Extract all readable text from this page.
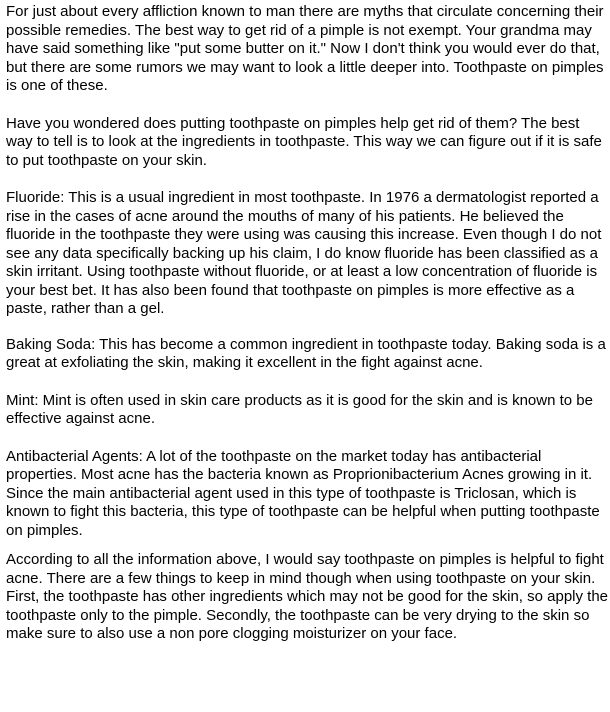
For just about every affliction known to man there are myths that circulate concerning their possible remedies. The best way to get rid of a pimple is not exempt. Your grandma may have said something like "put some butter on it." Now I don't think you would ever do that, but there are some rumors we may want to look a little deeper into. Toothpaste on pimples is one of these.

Have you wondered does putting toothpaste on pimples help get rid of them? The best way to tell is to look at the ingredients in toothpaste. This way we can figure out if it is safe to put toothpaste on your skin.

Fluoride: This is a usual ingredient in most toothpaste. In 1976 a dermatologist reported a rise in the cases of acne around the mouths of many of his patients. He believed the fluoride in the toothpaste they were using was causing this increase. Even though I do not see any data specifically backing up his claim, I do know fluoride has been classified as a skin irritant. Using toothpaste without fluoride, or at least a low concentration of fluoride is your best bet. It has also been found that toothpaste on pimples is more effective as a paste, rather than a gel.

Baking Soda: This has become a common ingredient in toothpaste today. Baking soda is a great at exfoliating the skin, making it excellent in the fight against acne.

Mint: Mint is often used in skin care products as it is good for the skin and is known to be effective against acne.

Antibacterial Agents: A lot of the toothpaste on the market today has antibacterial properties. Most acne has the bacteria known as Proprionibacterium Acnes growing in it. Since the main antibacterial agent used in this type of toothpaste is Triclosan, which is known to fight this bacteria, this type of toothpaste can be helpful when putting toothpaste on pimples.

According to all the information above, I would say toothpaste on pimples is helpful to fight acne. There are a few things to keep in mind though when using toothpaste on your skin. First, the toothpaste has other ingredients which may not be good for the skin, so apply the toothpaste only to the pimple. Secondly, the toothpaste can be very drying to the skin so make sure to also use a non pore clogging moisturizer on your face.
